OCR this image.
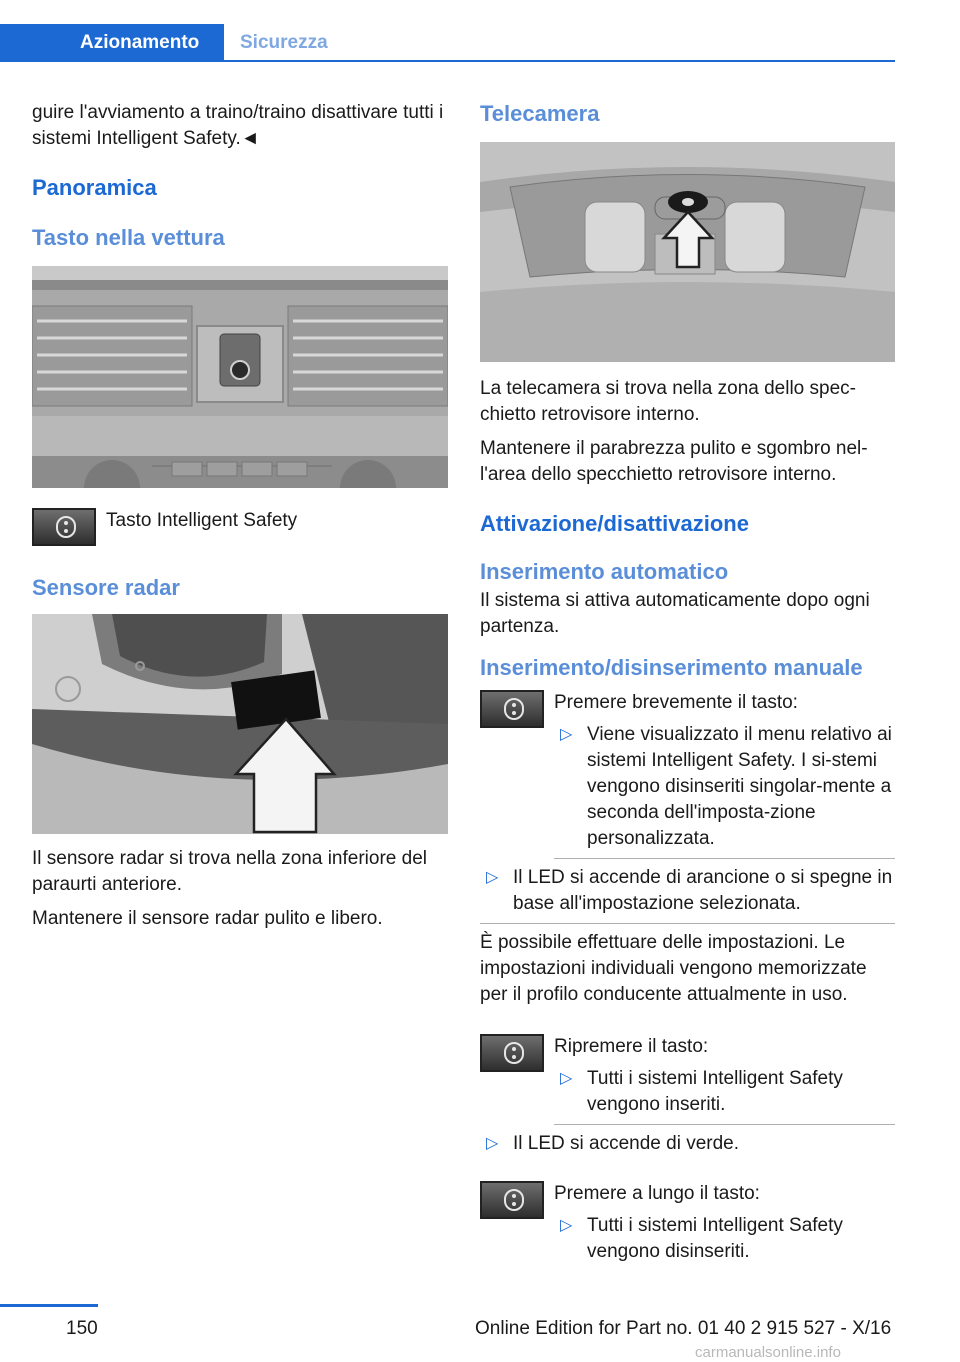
Azionamento	Sicurezza

guire l'avviamento a traino/traino disattivare tutti i sistemi Intelligent Safety.◄

Panoramica
Tasto nella vettura
Tasto Intelligent Safety
Sensore radar

Il sensore radar si trova nella zona inferiore del paraurti anteriore.

Mantenere il sensore radar pulito e libero.

Telecamera

La telecamera si trova nella zona dello spec-chietto retrovisore interno.

Mantenere il parabrezza pulito e sgombro nel-l'area dello specchietto retrovisore interno.

Attivazione/disattivazione
Inserimento automatico

Il sistema si attiva automaticamente dopo ogni partenza.

Inserimento/disinserimento manuale

Premere brevemente il tasto:

▷ Viene visualizzato il menu relativo ai sistemi Intelligent Safety. I si-stemi vengono disinseriti singolar-mente a seconda dell'imposta-zione personalizzata.
▷ Il LED si accende di arancione o si spegne in base all'impostazione selezionata.

È possibile effettuare delle impostazioni. Le impostazioni individuali vengono memorizzate per il profilo conducente attualmente in uso.

Ripremere il tasto:

▷ Tutti i sistemi Intelligent Safety vengono inseriti.
▷ Il LED si accende di verde.

Premere a lungo il tasto:

▷ Tutti i sistemi Intelligent Safety vengono disinseriti.
150	Online Edition for Part no. 01 40 2 915 527 - X/16
carmanualsonline.info
